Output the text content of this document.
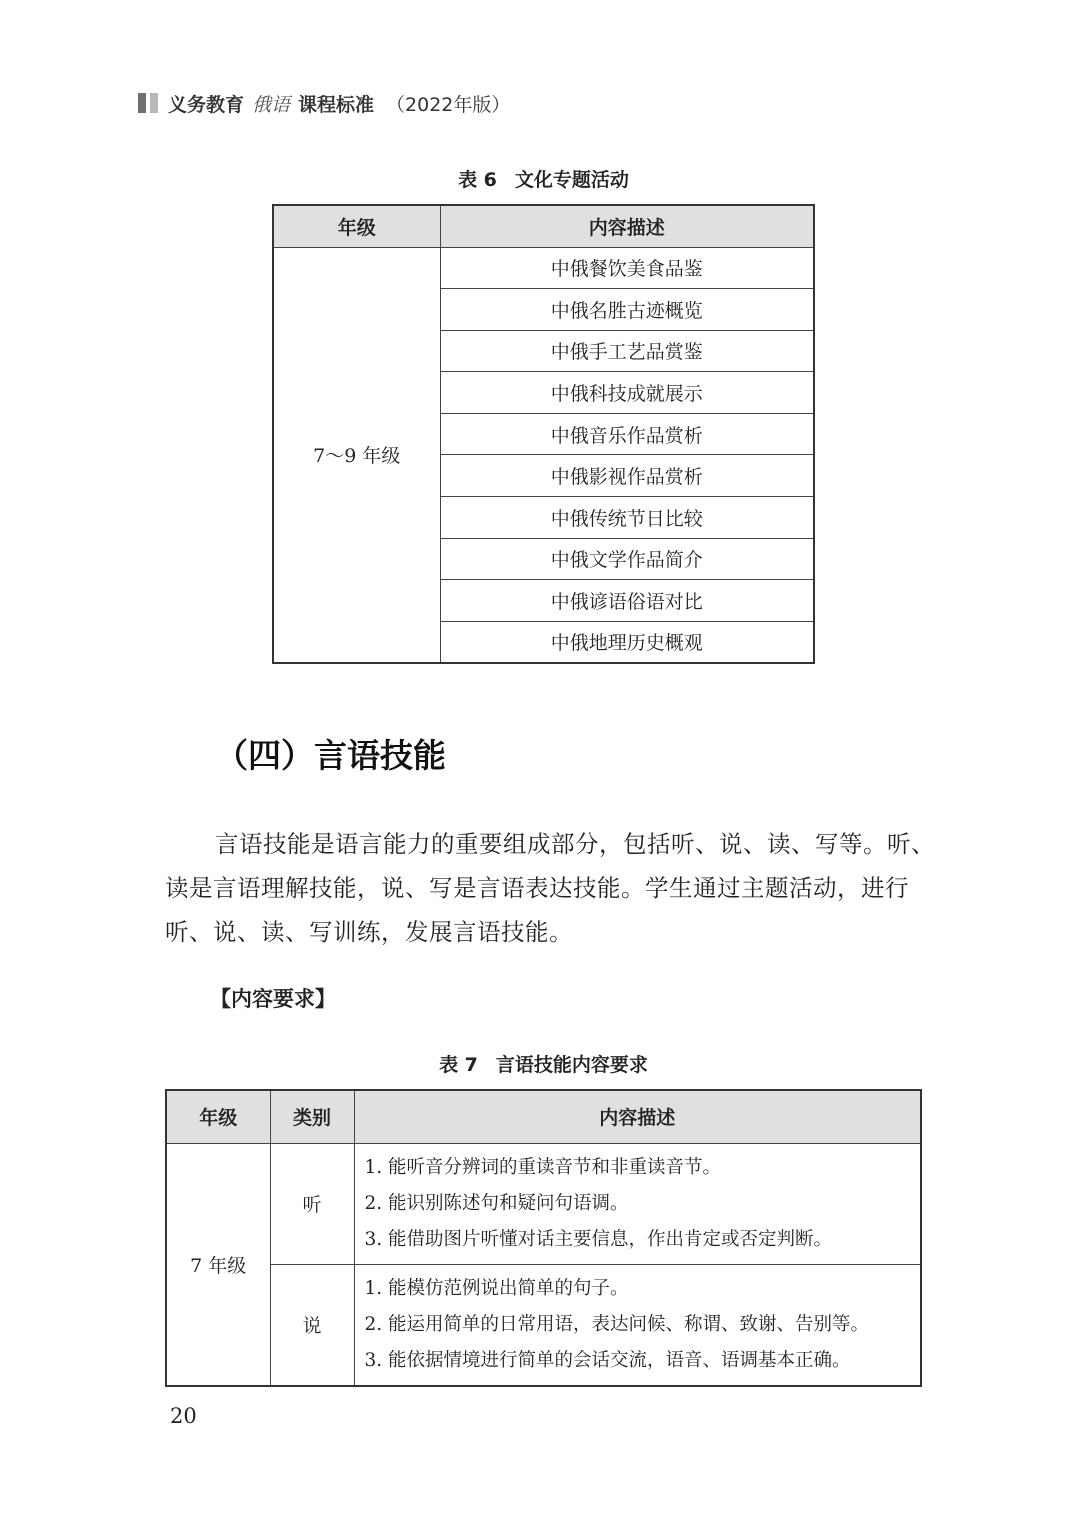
义务教育 俄语 课程标准 （2022年版）
表 6 文化专题活动
年级	内容描述
7～9 年级	中俄餐饮美食品鉴
	中俄名胜古迹概览
	中俄手工艺品赏鉴
	中俄科技成就展示
	中俄音乐作品赏析
	中俄影视作品赏析
	中俄传统节日比较
	中俄文学作品简介
	中俄谚语俗语对比
	中俄地理历史概观
（四）言语技能

言语技能是语言能力的重要组成部分，包括听、说、读、写等。听、读是言语理解技能，说、写是言语表达技能。学生通过主题活动，进行听、说、读、写训练，发展言语技能。

【内容要求】
表 7 言语技能内容要求
年级	类别	内容描述
7 年级	听	1. 能听音分辨词的重读音节和非重读音节。
2. 能识别陈述句和疑问句语调。
3. 能借助图片听懂对话主要信息，作出肯定或否定判断。

	说	1. 能模仿范例说出简单的句子。
2. 能运用简单的日常用语，表达问候、称谓、致谢、告别等。
3. 能依据情境进行简单的会话交流，语音、语调基本正确。
20
